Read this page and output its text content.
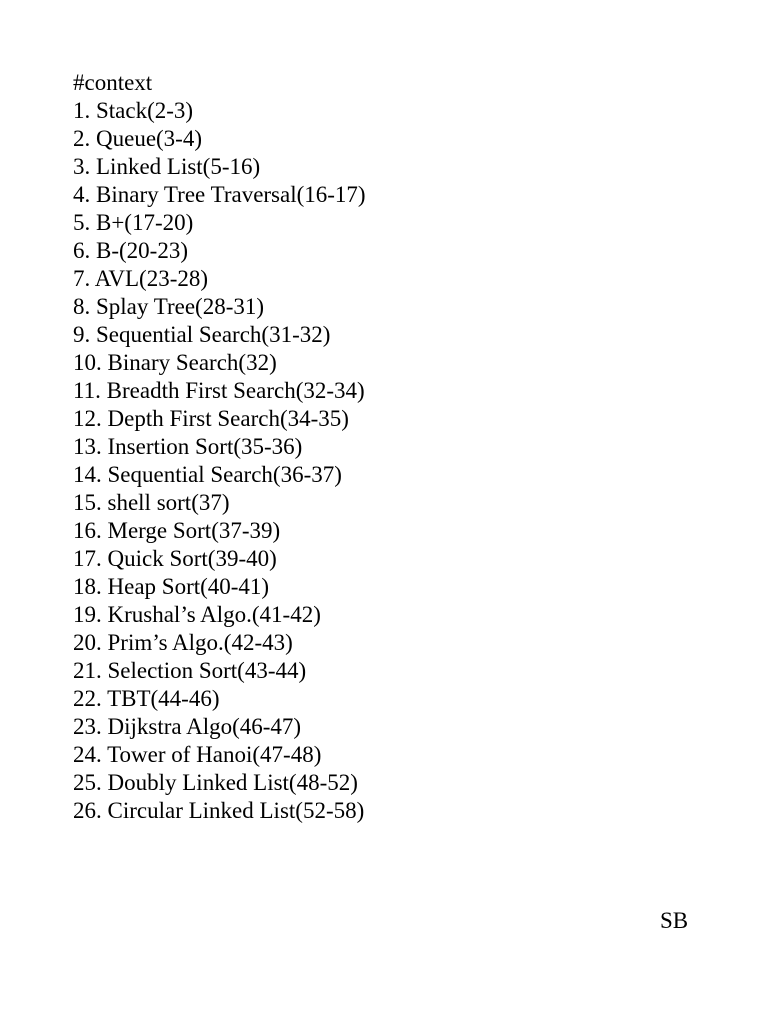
#context
1. Stack(2-3)
2. Queue(3-4)
3. Linked List(5-16)
4. Binary Tree Traversal(16-17)
5. B+(17-20)
6. B-(20-23)
7. AVL(23-28)
8. Splay Tree(28-31)
9. Sequential Search(31-32)
10. Binary Search(32)
11. Breadth First Search(32-34)
12. Depth First Search(34-35)
13. Insertion Sort(35-36)
14. Sequential Search(36-37)
15. shell sort(37)
16. Merge Sort(37-39)
17. Quick Sort(39-40)
18. Heap Sort(40-41)
19. Krushal’s Algo.(41-42)
20. Prim’s Algo.(42-43)
21. Selection Sort(43-44)
22. TBT(44-46)
23. Dijkstra Algo(46-47)
24. Tower of Hanoi(47-48)
25. Doubly Linked List(48-52)
26. Circular Linked List(52-58)
SB
